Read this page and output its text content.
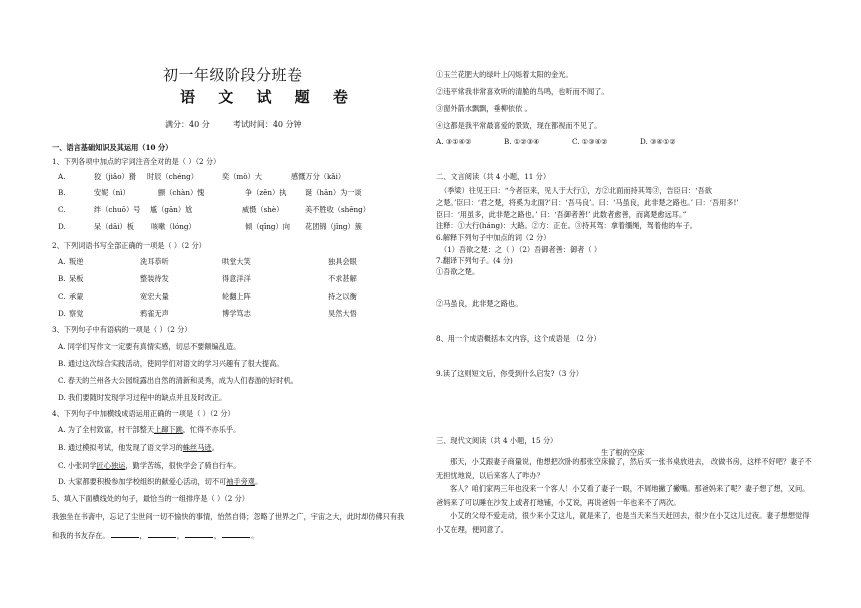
初一年级阶段分班卷
语 文 试 题 卷
满分：40 分	考试时间：40 分钟
一、语言基础知识及其运用（10 分）
1、下列各项中加点的字词注音全对的是（ ）（2 分）
A.	狡（jiǎo）猾 时辰（chéng）	奕（mò）大	感慨万分（kǎi）
B.	安妮（nì）	颤（chàn）愧	争（zēn）执	诞（hān）为一谈
C.	绊（chuō）号 尴（gān）尬	威慑（shè）	美不胜收（shēng）
D.	呆（dāi）板 咳嗽（lóng）	倾（qīng）向 花团锦（jǐng）簇
2、下列词语书写全部正确的一项是（ ）（2 分）
A. 叛逆	洗耳恭听	哄堂大笑	独具会眼
B. 呆板	整装待发	得意洋洋	不求甚解
C. 承蒙	宽宏大量	轮翻上阵	持之以衡
D. 察觉	鸦雀无声	博学笃志	昊然大悟
3、下列句子中有语病的一项是（ ）（2 分）
A. 同学们写作文一定要有真情实感，切忌不要额编乱造。
B. 通过这次综合实践活动，使同学们对语文的学习兴趣有了很大提高。
C. 春天的兰州各大公园绽露出自然的清新和灵秀，成为人们春游的好时机。
D. 我们要随时发现学习过程中的缺点并且及时改正。
4、下列句子中加横线成语运用正确的一项是（ ）（2 分）
A. 为了全村致富，村干部整天上蹿下跳，忙得不亦乐乎。
B. 通过模拟考试，他发现了语文学习的蛛丝马迹。
C. 小张同学匠心独运，勤学苦练，很快学会了骑自行车。
D. 大家都要积极参加学校组织的献爱心活动，切不可袖手旁观。
5、填入下面横线处的句子，最恰当的一组排序是（ ）（2 分）
我独坐在书斋中，忘记了尘世间一切不愉快的事情，怡然自得；忽略了世界之广，宇宙之大，此时却仿佛只有我
和我的书友存在。	，	，	，	。
①玉兰花肥大的绿叶上闪烁着太阳的金光。
②违平常我非常喜欢听的清脆的鸟鸣，也听而不闻了。
③窗外箭水飘飘，垂柳依依 。
④这都是我平常最喜爱的景致，现在都视而不见了。
A. ③①④②	B. ①②③④	C. ①③④②	D. ③④①②
二、文言阅读（共 4 小题，11 分）
（季梁）往见王曰：“今者臣来，见人于大行①，方②北面而持其驾③，告臣曰：‘吾欲
之楚。’臣曰：‘君之楚，将奚为北面?’曰：‘吾马良’。曰：‘马虽良，此非楚之路也。’ 曰：‘吾用多!’
臣曰：‘用虽多，此非楚之路也。’ 曰：‘吾御者善!’ 此数者愈善，而离楚愈远耳。”
注释：①大行(háng)：大路。②方：正在。③持其驾：拿着缰绳，驾着他的车子。
6.解释下列句子中加点的词（2 分）
（1）吾欲之楚：之（ ）（2）吾御者善：御者（ ）
7.翻译下列句子。(4 分)
①吾欲之楚。
②马虽良，此非楚之路也。
8、用一个成语概括本文内容，这个成语是 （2 分）
9.读了这则短文后，你受到什么启发?（3 分）
三、现代文阅读（共 4 小题，15 分）
生了根的空床
那天，小艾跟妻子商量说，他想把次卧的那张空床撤了，然后买一张书桌放进去， 改做书房，这样不好吧？妻子不无担忧地说，以后来客人了咋办？
客人？咱们家两三年也没来一个客人！小艾看了妻子一眼，不屑地撇了撇嘴。那爸妈来了呢？妻子想了想，又问。爸妈来了可以睡在沙发上或者打地铺，小艾说，再说爸妈一年也来不了两次。
小艾的父母不爱走动，很少来小艾这儿，就是来了，也是当天来当天赶回去，很少在小艾这儿过夜。妻子想想觉得小艾在理，便同意了。
